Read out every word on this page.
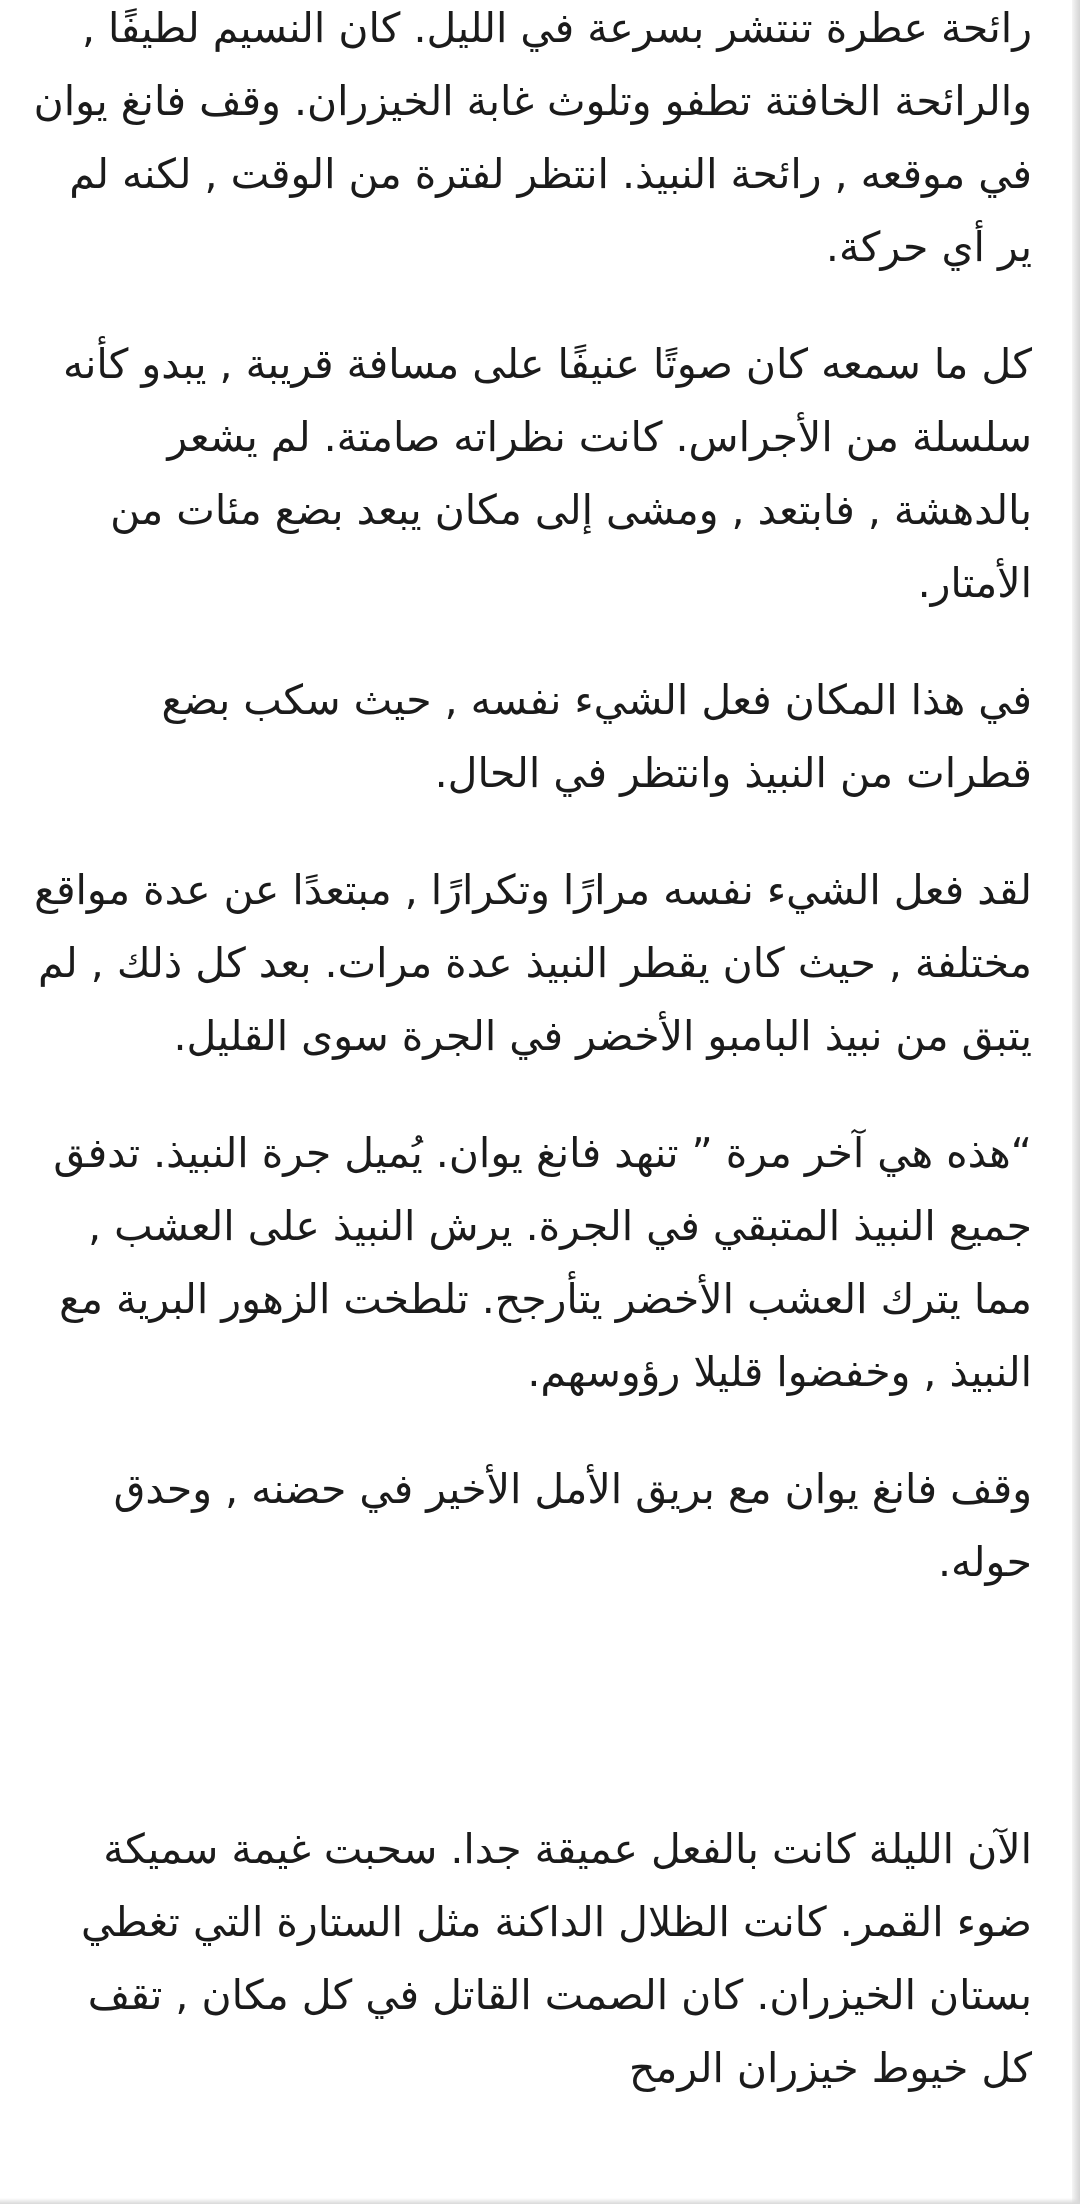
رائحة عطرة تنتشر بسرعة في الليل. كان النسيم لطيفًا , والرائحة الخافتة تطفو وتلوث غابة الخيزران. وقف فانغ يوان في موقعه , رائحة النبيذ. انتظر لفترة من الوقت , لكنه لم ير أي حركة.

كل ما سمعه كان صوتًا عنيفًا على مسافة قريبة , يبدو كأنه سلسلة من الأجراس. كانت نظراته صامتة. لم يشعر بالدهشة , فابتعد , ومشى إلى مكان يبعد بضع مئات من الأمتار.

في هذا المكان فعل الشيء نفسه , حيث سكب بضع قطرات من النبيذ وانتظر في الحال.

لقد فعل الشيء نفسه مرارًا وتكرارًا , مبتعدًا عن عدة مواقع مختلفة , حيث كان يقطر النبيذ عدة مرات. بعد كل ذلك , لم يتبق من نبيذ البامبو الأخضر في الجرة سوى القليل.

“هذه هي آخر مرة ” تنهد فانغ يوان. يُميل جرة النبيذ. تدفق جميع النبيذ المتبقي في الجرة. يرش النبيذ على العشب , مما يترك العشب الأخضر يتأرجح. تلطخت الزهور البرية مع النبيذ , وخفضوا قليلا رؤوسهم.

وقف فانغ يوان مع بريق الأمل الأخير في حضنه , وحدق حوله.

الآن الليلة كانت بالفعل عميقة جدا. سحبت غيمة سميكة ضوء القمر. كانت الظلال الداكنة مثل الستارة التي تغطي بستان الخيزران. كان الصمت القاتل في كل مكان , تقف كل خيوط خيزران الرمح
